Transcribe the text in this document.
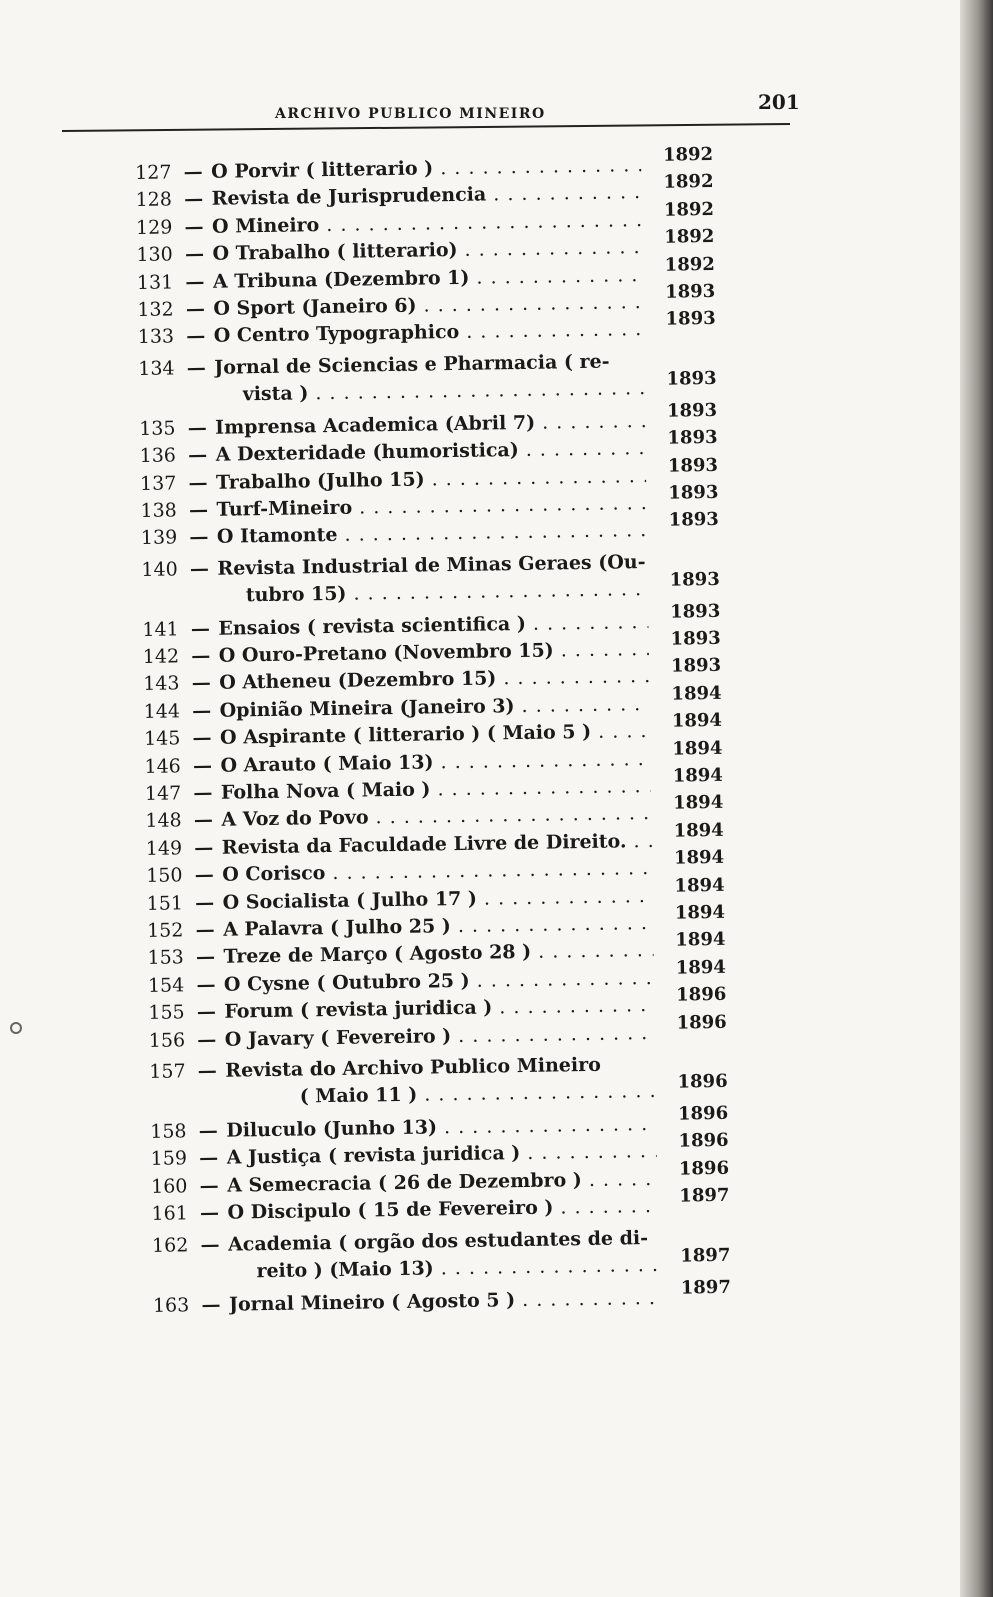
ARCHIVO PUBLICO MINEIRO	201
127 — O Porvir ( litterario ) . . .
1892
128 — Revista de Jurisprudencia . . .
1892
129 — O Mineiro . . .
1892
130 — O Trabalho ( litterario) . . .
1892
131 — A Tribuna (Dezembro 1) . . .
1892
132 — O Sport (Janeiro 6) . . .
1893
133 — O Centro Typographico . . .
1893
134 — Jornal de Sciencias e Pharmacia ( re-
vista ) . . .
1893
135 — Imprensa Academica (Abril 7) . . .
1893
136 — A Dexteridade (humoristica) . . .
1893
137 — Trabalho (Julho 15) . . .
1893
138 — Turf-Mineiro . . .
1893
139 — O Itamonte . . .
1893
140 — Revista Industrial de Minas Geraes (Ou-
tubro 15) . . .
1893
141 — Ensaios ( revista scientifica ) . . .
1893
142 — O Ouro-Pretano (Novembro 15) . . .
1893
143 — O Atheneu (Dezembro 15) . . .
1893
144 — Opinião Mineira (Janeiro 3) . . .
1894
145 — O Aspirante ( litterario ) ( Maio 5 ) . . .
1894
146 — O Arauto ( Maio 13) . . .
1894
147 — Folha Nova ( Maio ) . . .
1894
148 — A Voz do Povo . . .
1894
149 — Revista da Faculdade Livre de Direito. . . .	1894
150 — O Corisco . . .
1894
151 — O Socialista ( Julho 17 ) . . .
1894
152 — A Palavra ( Julho 25 ) . . .
1894
153 — Treze de Março ( Agosto 28 ) . . .
1894
154 — O Cysne ( Outubro 25 ) . . .
1894
155 — Forum ( revista juridica ) . . .
1896
156 — O Javary ( Fevereiro ) . . .
1896
157 — Revista do Archivo Publico Mineiro
( Maio 11 ) . . .
1896
158 — Diluculo (Junho 13) . . .
1896
159 — A Justiça ( revista juridica ) . . .
1896
160 — A Semecracia ( 26 de Dezembro ) . . .
1896
161 — O Discipulo ( 15 de Fevereiro ) . . .
1897
162 — Academia ( orgão dos estudantes de di-
reito ) (Maio 13) . . .
1897
163 — Jornal Mineiro ( Agosto 5 ) . . .
1897
